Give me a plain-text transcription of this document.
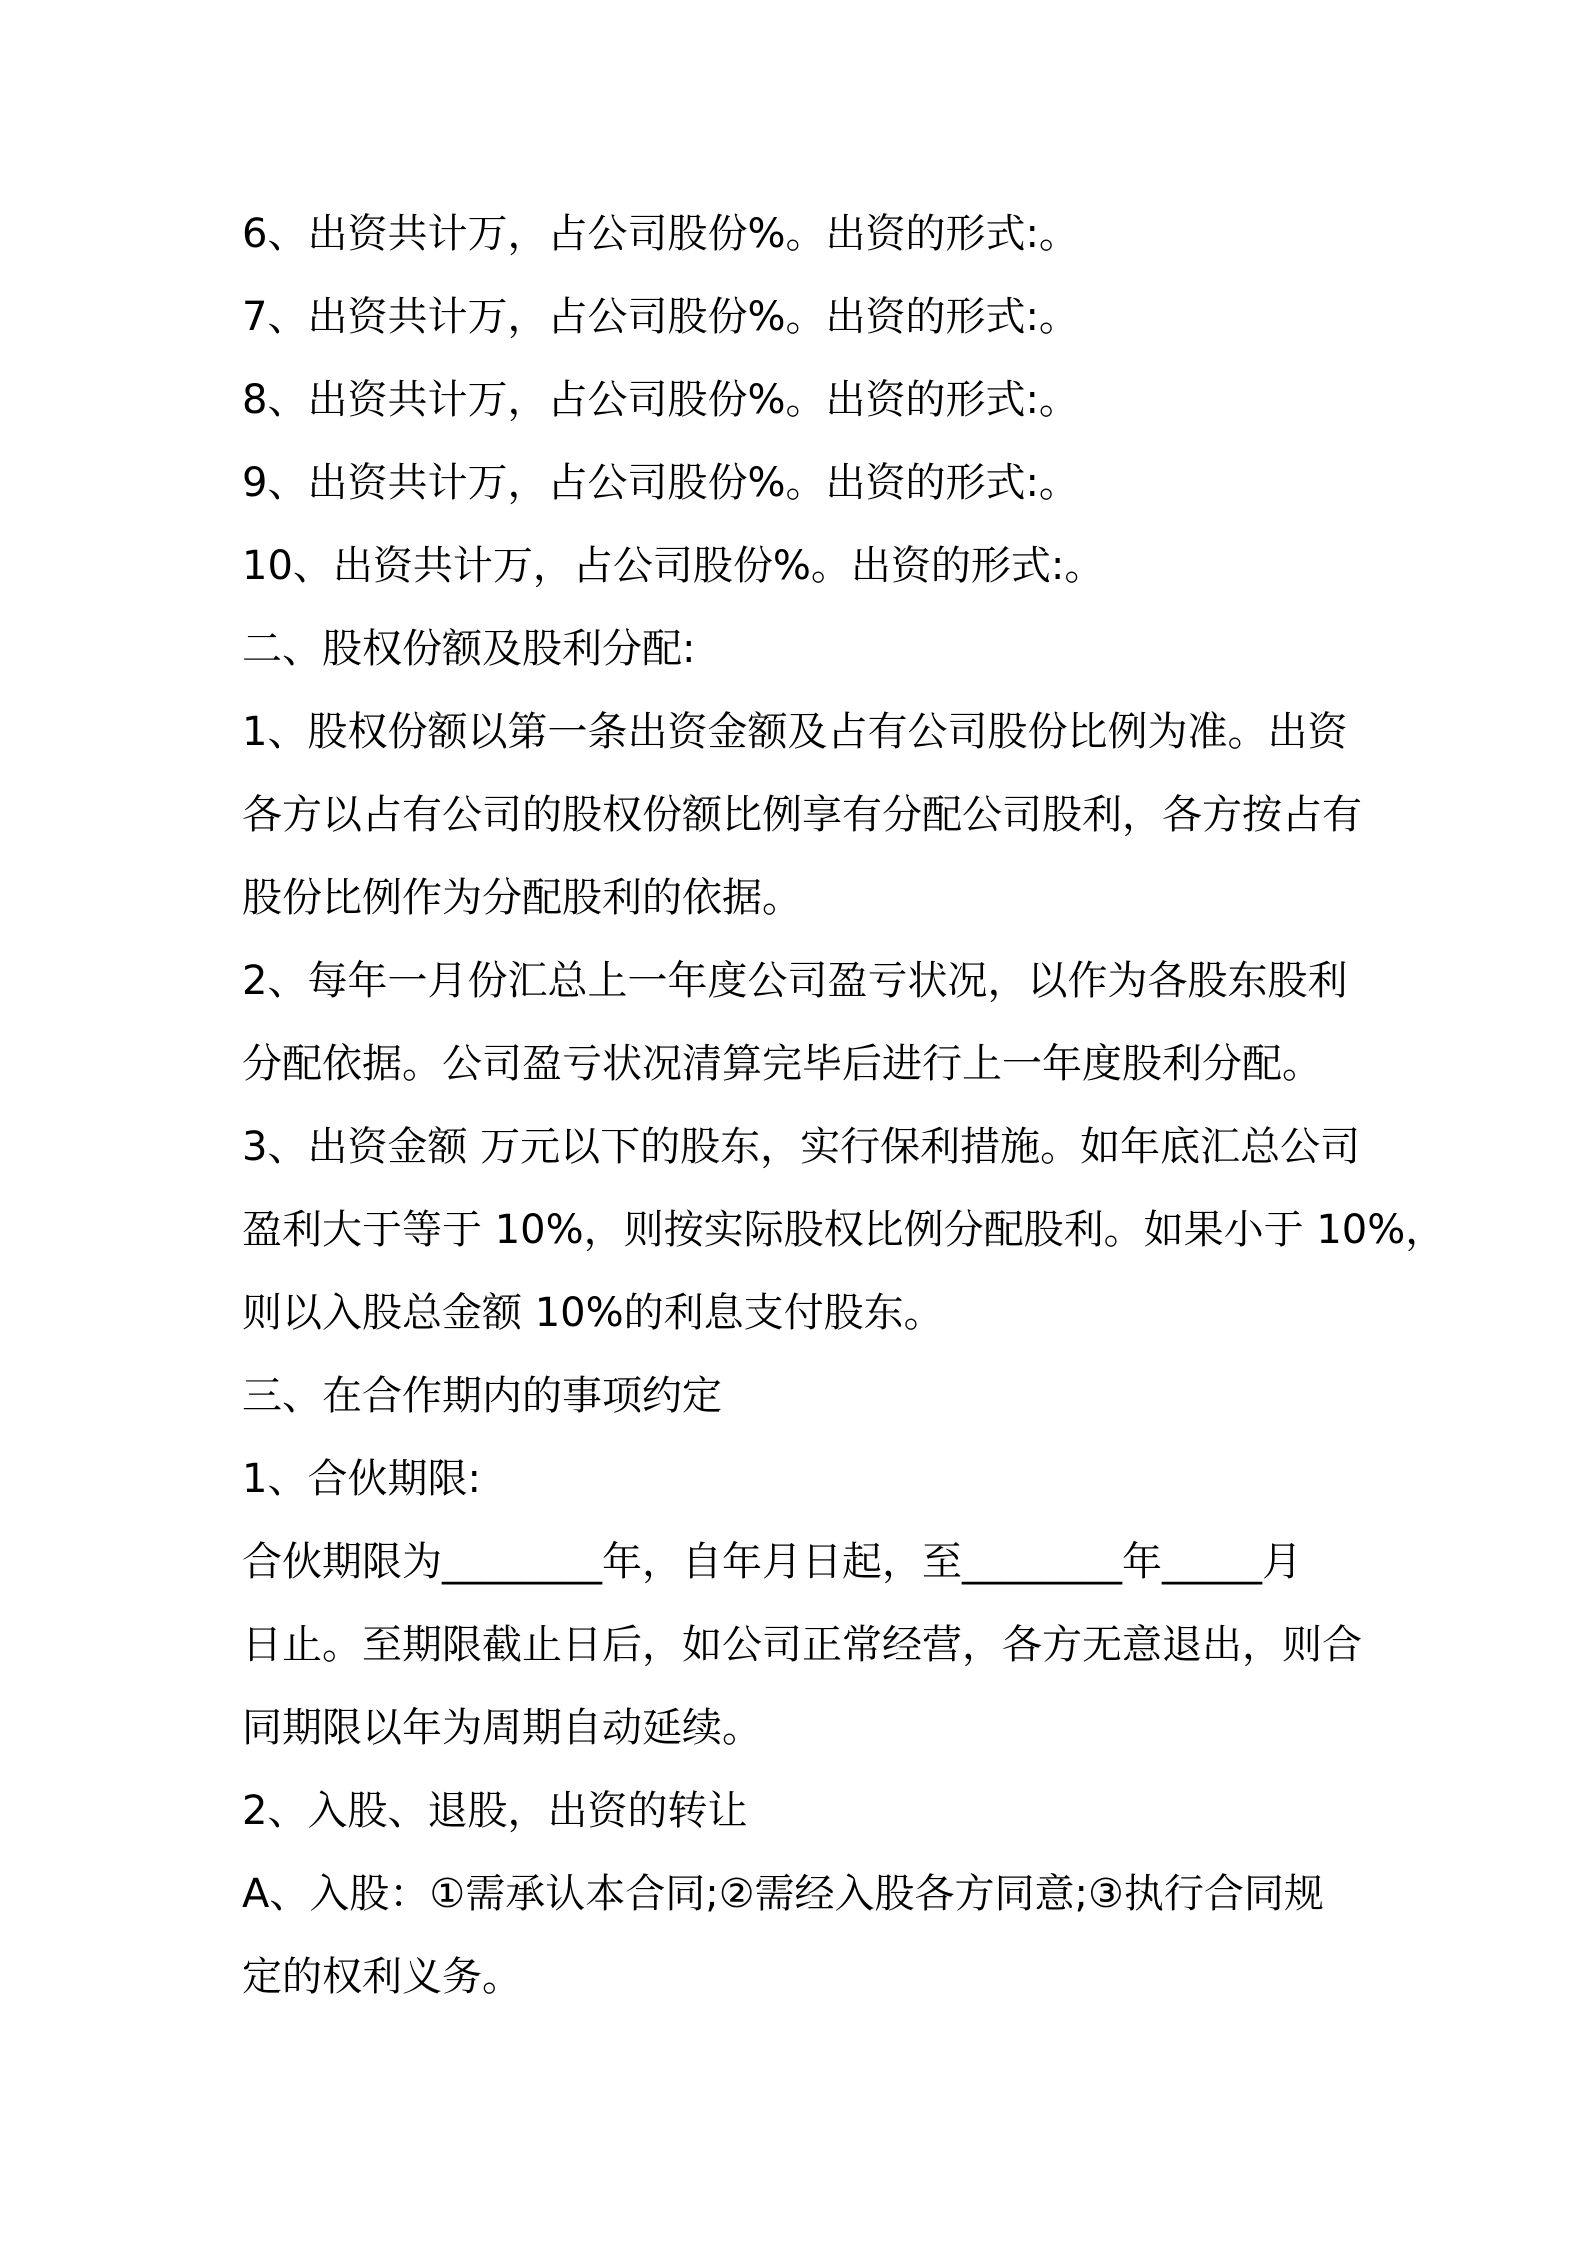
6、出资共计万，占公司股份%。出资的形式:。
7、出资共计万，占公司股份%。出资的形式:。
8、出资共计万，占公司股份%。出资的形式:。
9、出资共计万，占公司股份%。出资的形式:。
10、出资共计万，占公司股份%。出资的形式:。
二、股权份额及股利分配:
1、股权份额以第一条出资金额及占有公司股份比例为准。出资
各方以占有公司的股权份额比例享有分配公司股利，各方按占有
股份比例作为分配股利的依据。
2、每年一月份汇总上一年度公司盈亏状况，以作为各股东股利
分配依据。公司盈亏状况清算完毕后进行上一年度股利分配。
3、出资金额 万元以下的股东，实行保利措施。如年底汇总公司
盈利大于等于 10%，则按实际股权比例分配股利。如果小于 10%，
则以入股总金额 10%的利息支付股东。
三、在合作期内的事项约定
1、合伙期限:
合伙期限为________年，自年月日起，至________年_____月
日止。至期限截止日后，如公司正常经营，各方无意退出，则合
同期限以年为周期自动延续。
2、入股、退股，出资的转让
A、入股：①需承认本合同;②需经入股各方同意;③执行合同规
定的权利义务。
